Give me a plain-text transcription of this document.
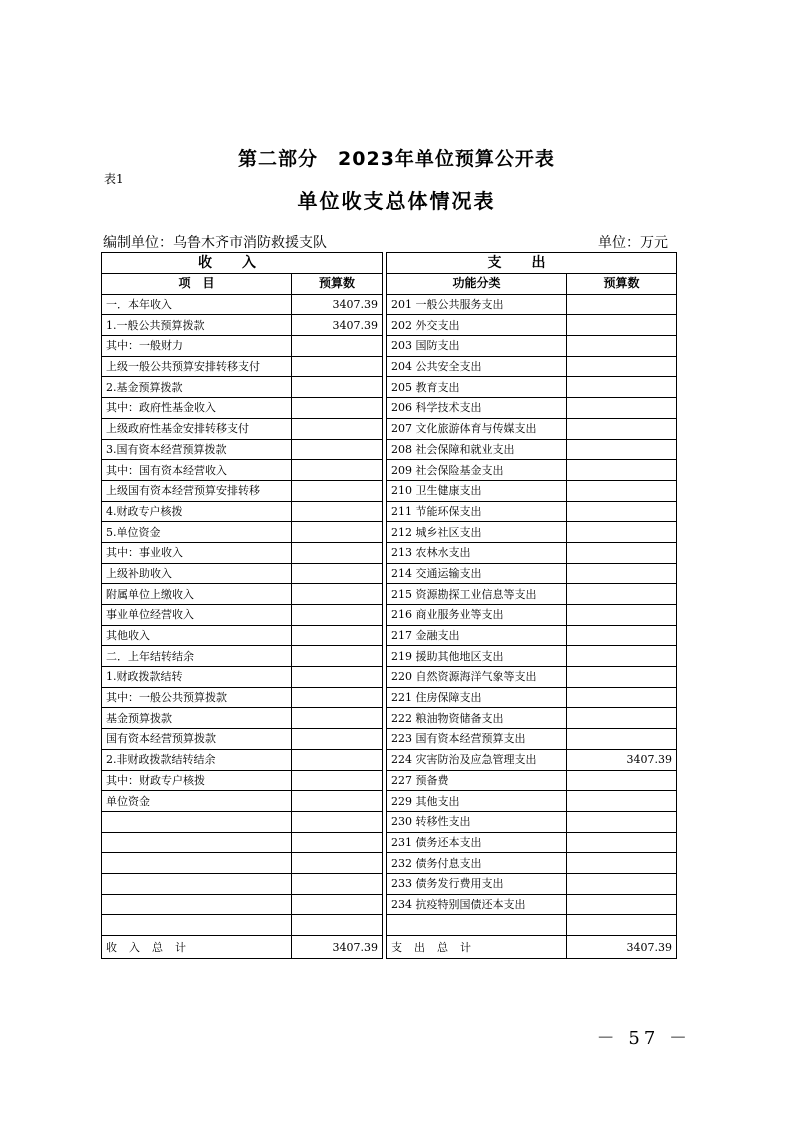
第二部分　2023年单位预算公开表
表1
单位收支总体情况表
编制单位：乌鲁木齐市消防救援支队	单位：万元
收入			支出	
项　目	预算数		功能分类	预算数
一．本年收入	3407.39		201 一般公共服务支出	
1.一般公共预算拨款	3407.39		202 外交支出	
其中：一般财力			203 国防支出	
上级一般公共预算安排转移支付			204 公共安全支出	
2.基金预算拨款			205 教育支出	
其中：政府性基金收入			206 科学技术支出	
上级政府性基金安排转移支付			207 文化旅游体育与传媒支出	
3.国有资本经营预算拨款			208 社会保障和就业支出	
其中：国有资本经营收入			209 社会保险基金支出	
上级国有资本经营预算安排转移			210 卫生健康支出	
4.财政专户核拨			211 节能环保支出	
5.单位资金			212 城乡社区支出	
其中：事业收入			213 农林水支出	
上级补助收入			214 交通运输支出	
附属单位上缴收入			215 资源勘探工业信息等支出	
事业单位经营收入			216 商业服务业等支出	
其他收入			217 金融支出	
二．上年结转结余			219 援助其他地区支出	
1.财政拨款结转			220 自然资源海洋气象等支出	
其中：一般公共预算拨款			221 住房保障支出	
基金预算拨款			222 粮油物资储备支出	
国有资本经营预算拨款			223 国有资本经营预算支出	
2.非财政拨款结转结余			224 灾害防治及应急管理支出	3407.39
其中：财政专户核拨			227 预备费	
单位资金			229 其他支出	
			230 转移性支出	
			231 债务还本支出	
			232 债务付息支出	
			233 债务发行费用支出	
			234 抗疫特别国债还本支出	

收入总计	3407.39		支出总计	3407.39
－ 57 －
